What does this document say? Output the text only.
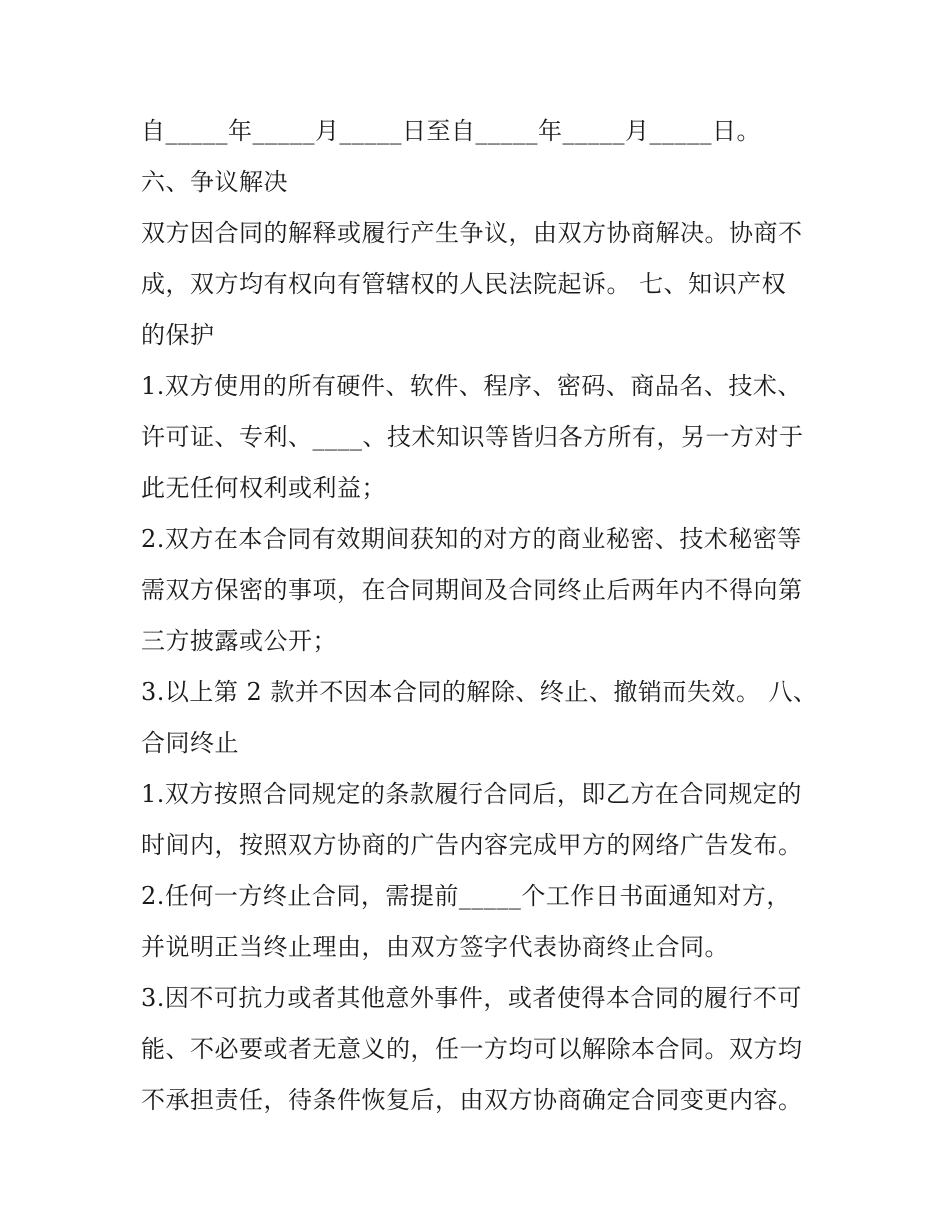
自_____年_____月_____日至自_____年_____月_____日。
六、争议解决
双方因合同的解释或履行产生争议，由双方协商解决。协商不
成，双方均有权向有管辖权的人民法院起诉。 七、知识产权
的保护
1.双方使用的所有硬件、软件、程序、密码、商品名、技术、
许可证、专利、____、技术知识等皆归各方所有，另一方对于
此无任何权利或利益；
2.双方在本合同有效期间获知的对方的商业秘密、技术秘密等
需双方保密的事项，在合同期间及合同终止后两年内不得向第
三方披露或公开；
3.以上第 2 款并不因本合同的解除、终止、撤销而失效。 八、
合同终止
1.双方按照合同规定的条款履行合同后，即乙方在合同规定的
时间内，按照双方协商的广告内容完成甲方的网络广告发布。
2.任何一方终止合同，需提前_____个工作日书面通知对方，
并说明正当终止理由，由双方签字代表协商终止合同。
3.因不可抗力或者其他意外事件，或者使得本合同的履行不可
能、不必要或者无意义的，任一方均可以解除本合同。双方均
不承担责任，待条件恢复后，由双方协商确定合同变更内容。
